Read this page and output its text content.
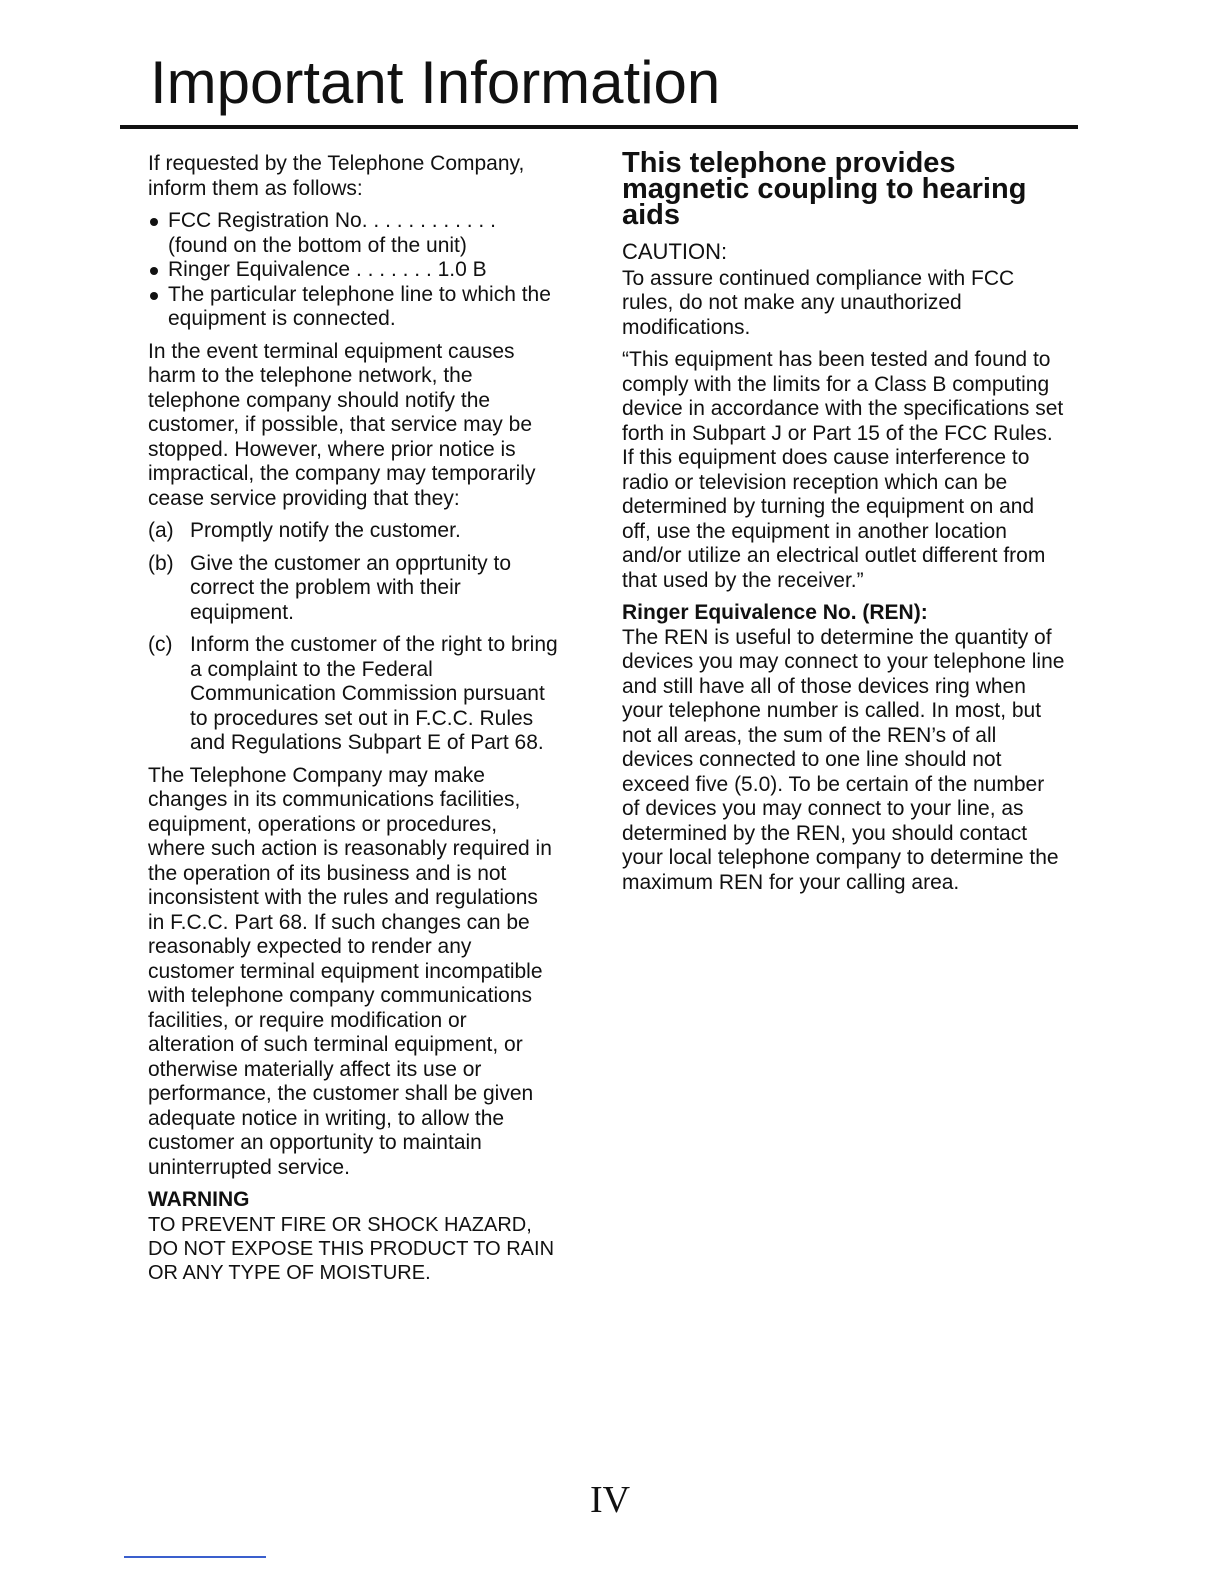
Important Information

If requested by the Telephone Company, inform them as follows:

FCC Registration No. . . . . . . . . . . .
(found on the bottom of the unit)
Ringer Equivalence . . . . . . . 1.0 B
The particular telephone line to which the equipment is connected.

In the event terminal equipment causes harm to the telephone network, the telephone company should notify the customer, if possible, that service may be stopped. However, where prior notice is impractical, the company may temporarily cease service providing that they:

(a) Promptly notify the customer.
(b) Give the customer an opprtunity to correct the problem with their equipment.
(c) Inform the customer of the right to bring a complaint to the Federal Communication Commission pursuant to procedures set out in F.C.C. Rules and Regulations Subpart E of Part 68.

The Telephone Company may make changes in its communications facilities, equipment, operations or procedures, where such action is reasonably required in the operation of its business and is not inconsistent with the rules and regulations in F.C.C. Part 68. If such changes can be reasonably expected to render any customer terminal equipment incompatible with telephone company communications facilities, or require modification or alteration of such terminal equipment, or otherwise materially affect its use or performance, the customer shall be given adequate notice in writing, to allow the customer an opportunity to maintain uninterrupted service.

WARNING

TO PREVENT FIRE OR SHOCK HAZARD, DO NOT EXPOSE THIS PRODUCT TO RAIN OR ANY TYPE OF MOISTURE.

This telephone provides magnetic coupling to hearing aids

CAUTION:

To assure continued compliance with FCC rules, do not make any unauthorized modifications.

“This equipment has been tested and found to comply with the limits for a Class B computing device in accordance with the specifications set forth in Subpart J or Part 15 of the FCC Rules. If this equipment does cause interference to radio or television reception which can be determined by turning the equipment on and off, use the equipment in another location and/or utilize an electrical outlet different from that used by the receiver.”

Ringer Equivalence No. (REN):

The REN is useful to determine the quantity of devices you may connect to your telephone line and still have all of those devices ring when your telephone number is called. In most, but not all areas, the sum of the REN’s of all devices connected to one line should not exceed five (5.0). To be certain of the number of devices you may connect to your line, as determined by the REN, you should contact your local telephone company to determine the maximum REN for your calling area.

IV
